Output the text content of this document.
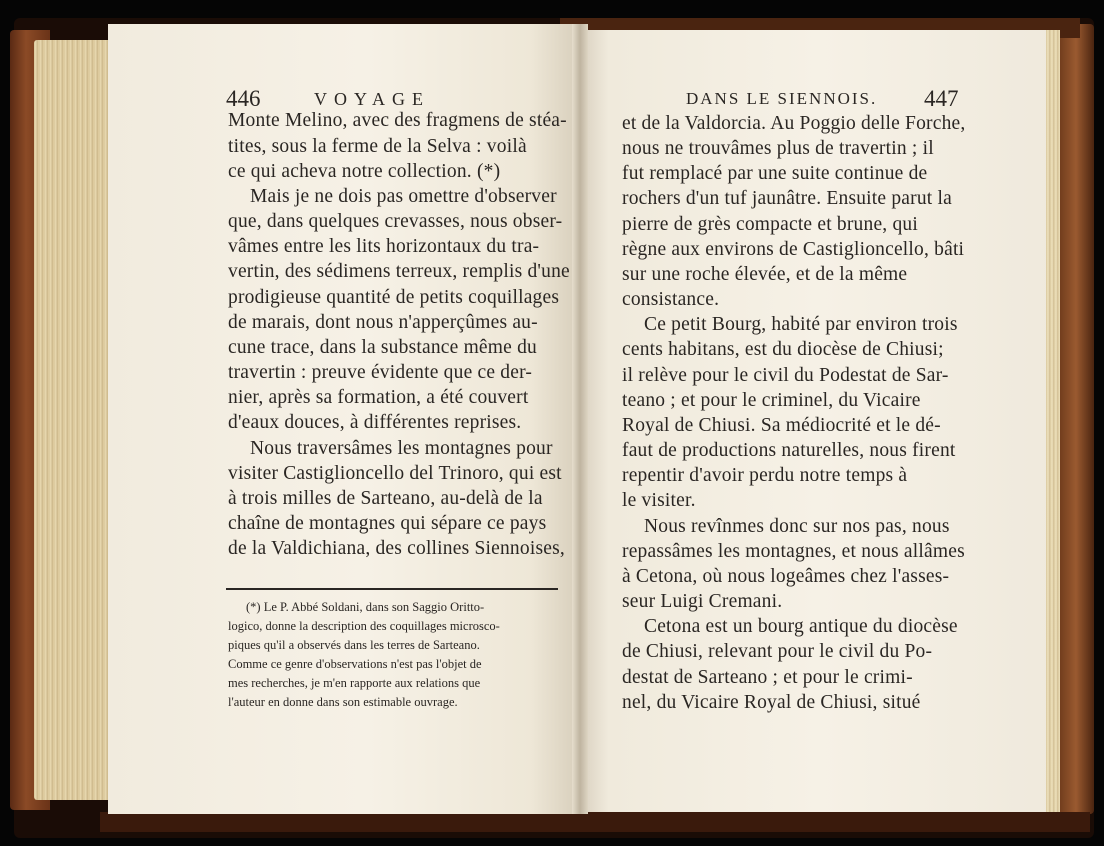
446	VOYAGE
Monte Melino, avec des fragmens de stéa-
tites, sous la ferme de la Selva : voilà
ce qui acheva notre collection. (*)
Mais je ne dois pas omettre d'observer
que, dans quelques crevasses, nous obser-
vâmes entre les lits horizontaux du tra-
vertin, des sédimens terreux, remplis d'une
prodigieuse quantité de petits coquillages
de marais, dont nous n'apperçûmes au-
cune trace, dans la substance même du
travertin : preuve évidente que ce der-
nier, après sa formation, a été couvert
d'eaux douces, à différentes reprises.
Nous traversâmes les montagnes pour
visiter Castiglioncello del Trinoro, qui est
à trois milles de Sarteano, au-delà de la
chaîne de montagnes qui sépare ce pays
de la Valdichiana, des collines Siennoises,
(*) Le P. Abbé Soldani, dans son Saggio Oritto-
logico, donne la description des coquillages microsco-
piques qu'il a observés dans les terres de Sarteano.
Comme ce genre d'observations n'est pas l'objet de
mes recherches, je m'en rapporte aux relations que
l'auteur en donne dans son estimable ouvrage.
DANS LE SIENNOIS. 447
et de la Valdorcia. Au Poggio delle Forche,
nous ne trouvâmes plus de travertin ; il
fut remplacé par une suite continue de
rochers d'un tuf jaunâtre. Ensuite parut la
pierre de grès compacte et brune, qui
règne aux environs de Castiglioncello, bâti
sur une roche élevée, et de la même
consistance.
Ce petit Bourg, habité par environ trois
cents habitans, est du diocèse de Chiusi;
il relève pour le civil du Podestat de Sar-
teano ; et pour le criminel, du Vicaire
Royal de Chiusi. Sa médiocrité et le dé-
faut de productions naturelles, nous firent
repentir d'avoir perdu notre temps à
le visiter.
Nous revînmes donc sur nos pas, nous
repassâmes les montagnes, et nous allâmes
à Cetona, où nous logeâmes chez l'asses-
seur Luigi Cremani.
Cetona est un bourg antique du diocèse
de Chiusi, relevant pour le civil du Po-
destat de Sarteano ; et pour le crimi-
nel, du Vicaire Royal de Chiusi, situé
